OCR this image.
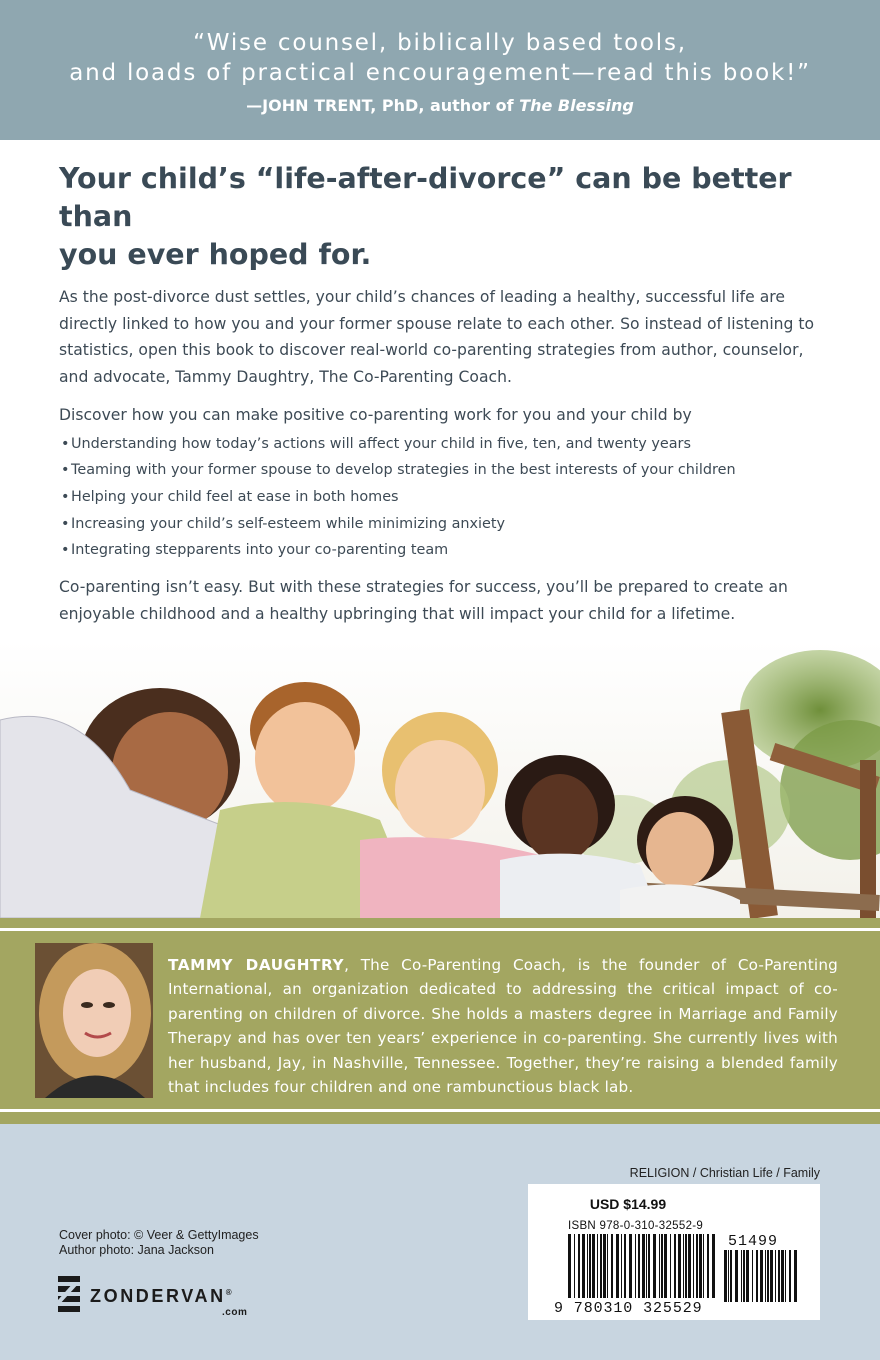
“Wise counsel, biblically based tools,

and loads of practical encouragement—read this book!”

—JOHN TRENT, PhD, author of The Blessing

Your child’s “life-after-divorce” can be better than
you ever hoped for.

As the post-divorce dust settles, your child’s chances of leading a healthy, successful life are directly linked to how you and your former spouse relate to each other. So instead of listening to statistics, open this book to discover real-world co-parenting strategies from author, counselor, and advocate, Tammy Daughtry, The Co-Parenting Coach.

Discover how you can make positive co-parenting work for you and your child by

• Understanding how today’s actions will affect your child in five, ten, and twenty years
• Teaming with your former spouse to develop strategies in the best interests of your children
• Helping your child feel at ease in both homes
• Increasing your child’s self-esteem while minimizing anxiety
• Integrating stepparents into your co-parenting team

Co-parenting isn’t easy. But with these strategies for success, you’ll be prepared to create an enjoyable childhood and a healthy upbringing that will impact your child for a lifetime.

TAMMY DAUGHTRY, The Co-Parenting Coach, is the founder of Co-Parenting International, an organization dedicated to addressing the critical impact of co-parenting on children of divorce. She holds a masters degree in Marriage and Family Therapy and has over ten years’ experience in co-parenting. She currently lives with her husband, Jay, in Nashville, Tennessee. Together, they’re raising a blended family that includes four children and one rambunctious black lab.

RELIGION / Christian Life / Family
USD $14.99
ISBN 978-0-310-32552-9
9 780310 325529
51499
Cover photo: © Veer & GettyImages
Author photo: Jana Jackson
ZONDERVAN®
.com
